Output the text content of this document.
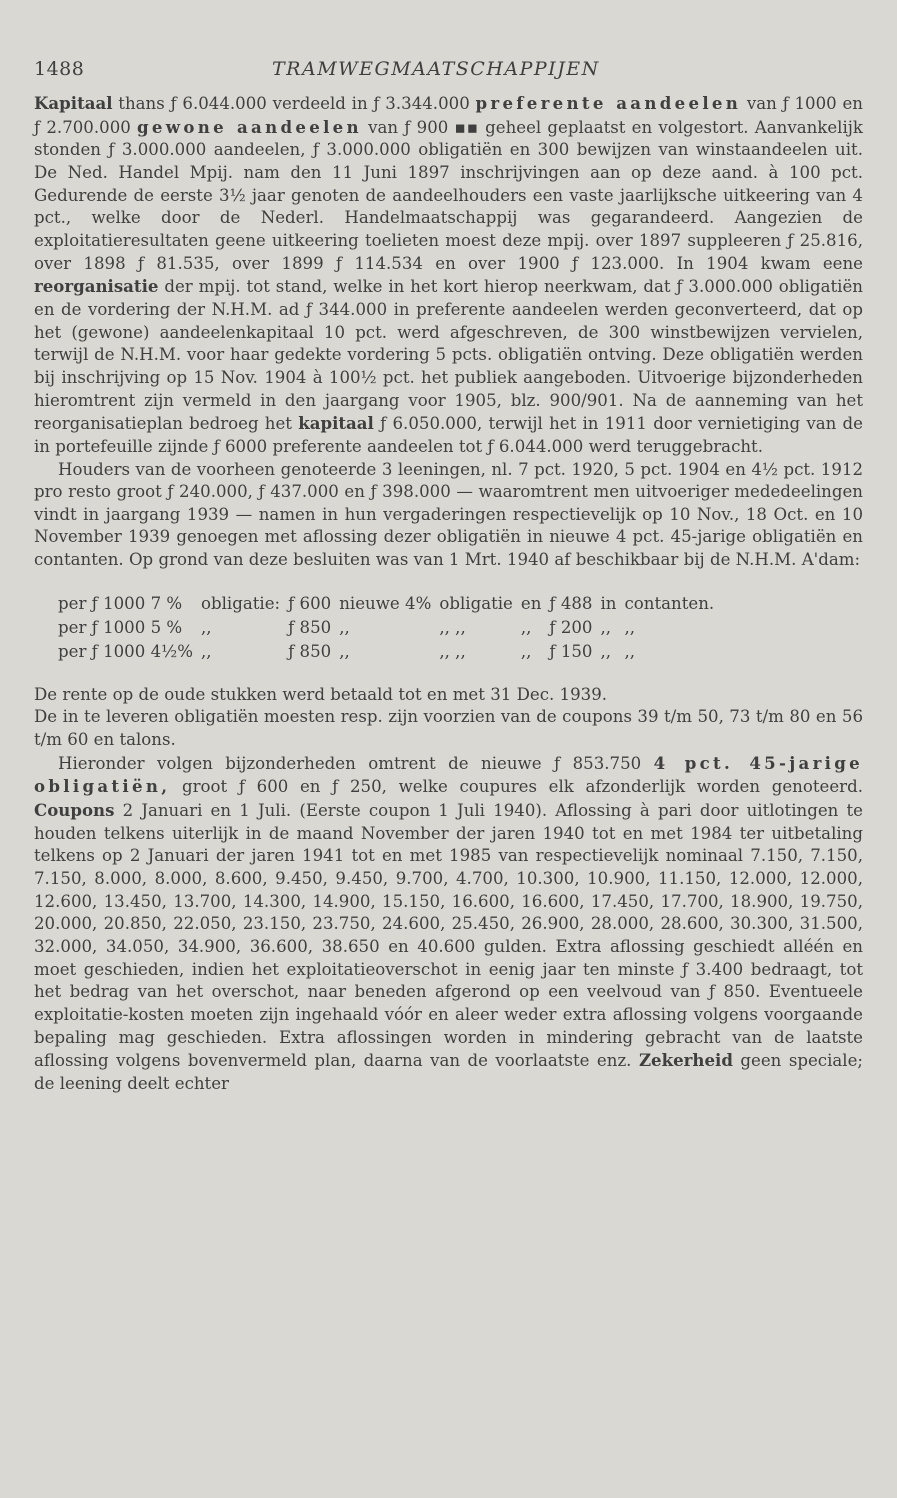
1488	TRAMWEGMAATSCHAPPIJEN

Kapitaal thans ƒ 6.044.000 verdeeld in ƒ 3.344.000 preferente aandeelen van ƒ 1000 en ƒ 2.700.000 gewone aandeelen van ƒ 900 ▪▪ geheel geplaatst en volgestort. Aanvankelijk stonden ƒ 3.000.000 aandeelen, ƒ 3.000.000 obligatiën en 300 bewijzen van winstaandeelen uit. De Ned. Handel Mpij. nam den 11 Juni 1897 inschrijvingen aan op deze aand. à 100 pct. Gedurende de eerste 3½ jaar genoten de aandeelhouders een vaste jaarlijksche uitkeering van 4 pct., welke door de Nederl. Handelmaatschappij was gegarandeerd. Aangezien de exploitatieresultaten geene uitkeering toelieten moest deze mpij. over 1897 suppleeren ƒ 25.816, over 1898 ƒ 81.535, over 1899 ƒ 114.534 en over 1900 ƒ 123.000. In 1904 kwam eene reorganisatie der mpij. tot stand, welke in het kort hierop neerkwam, dat ƒ 3.000.000 obligatiën en de vordering der N.H.M. ad ƒ 344.000 in preferente aandeelen werden geconverteerd, dat op het (gewone) aandeelenkapitaal 10 pct. werd afgeschreven, de 300 winstbewijzen vervielen, terwijl de N.H.M. voor haar gedekte vordering 5 pcts. obligatiën ontving. Deze obligatiën werden bij inschrijving op 15 Nov. 1904 à 100½ pct. het publiek aangeboden. Uitvoerige bijzonderheden hieromtrent zijn vermeld in den jaargang voor 1905, blz. 900/901. Na de aanneming van het reorganisatieplan bedroeg het kapitaal ƒ 6.050.000, terwijl het in 1911 door vernietiging van de in portefeuille zijnde ƒ 6000 preferente aandeelen tot ƒ 6.044.000 werd teruggebracht.

Houders van de voorheen genoteerde 3 leeningen, nl. 7 pct. 1920, 5 pct. 1904 en 4½ pct. 1912 pro resto groot ƒ 240.000, ƒ 437.000 en ƒ 398.000 — waaromtrent men uitvoeriger mededeelingen vindt in jaargang 1939 — namen in hun vergaderingen respectievelijk op 10 Nov., 18 Oct. en 10 November 1939 genoegen met aflossing dezer obligatiën in nieuwe 4 pct. 45-jarige obligatiën en contanten. Op grond van deze besluiten was van 1 Mrt. 1940 af beschikbaar bij de N.H.M. A'dam:

per ƒ 1000 7 %	obligatie:	ƒ 600	nieuwe 4%	obligatie	en	ƒ 488	in	contanten.
per ƒ 1000 5 %	,,	ƒ 850	,,	,, ,,	,,	ƒ 200	,,	,,
per ƒ 1000 4½%	,,	ƒ 850	,,	,, ,,	,,	ƒ 150	,,	,,

De rente op de oude stukken werd betaald tot en met 31 Dec. 1939.

De in te leveren obligatiën moesten resp. zijn voorzien van de coupons 39 t/m 50, 73 t/m 80 en 56 t/m 60 en talons.

Hieronder volgen bijzonderheden omtrent de nieuwe ƒ 853.750 4 pct. 45-jarige obligatiën, groot ƒ 600 en ƒ 250, welke coupures elk afzonderlijk worden genoteerd. Coupons 2 Januari en 1 Juli. (Eerste coupon 1 Juli 1940). Aflossing à pari door uitlotingen te houden telkens uiterlijk in de maand November der jaren 1940 tot en met 1984 ter uitbetaling telkens op 2 Januari der jaren 1941 tot en met 1985 van respectievelijk nominaal 7.150, 7.150, 7.150, 8.000, 8.000, 8.600, 9.450, 9.450, 9.700, 4.700, 10.300, 10.900, 11.150, 12.000, 12.000, 12.600, 13.450, 13.700, 14.300, 14.900, 15.150, 16.600, 16.600, 17.450, 17.700, 18.900, 19.750, 20.000, 20.850, 22.050, 23.150, 23.750, 24.600, 25.450, 26.900, 28.000, 28.600, 30.300, 31.500, 32.000, 34.050, 34.900, 36.600, 38.650 en 40.600 gulden. Extra aflossing geschiedt alléén en moet geschieden, indien het exploitatieoverschot in eenig jaar ten minste ƒ 3.400 bedraagt, tot het bedrag van het overschot, naar beneden afgerond op een veelvoud van ƒ 850. Eventueele exploitatie-kosten moeten zijn ingehaald vóór en aleer weder extra aflossing volgens voorgaande bepaling mag geschieden. Extra aflossingen worden in mindering gebracht van de laatste aflossing volgens bovenvermeld plan, daarna van de voorlaatste enz. Zekerheid geen speciale; de leening deelt echter
